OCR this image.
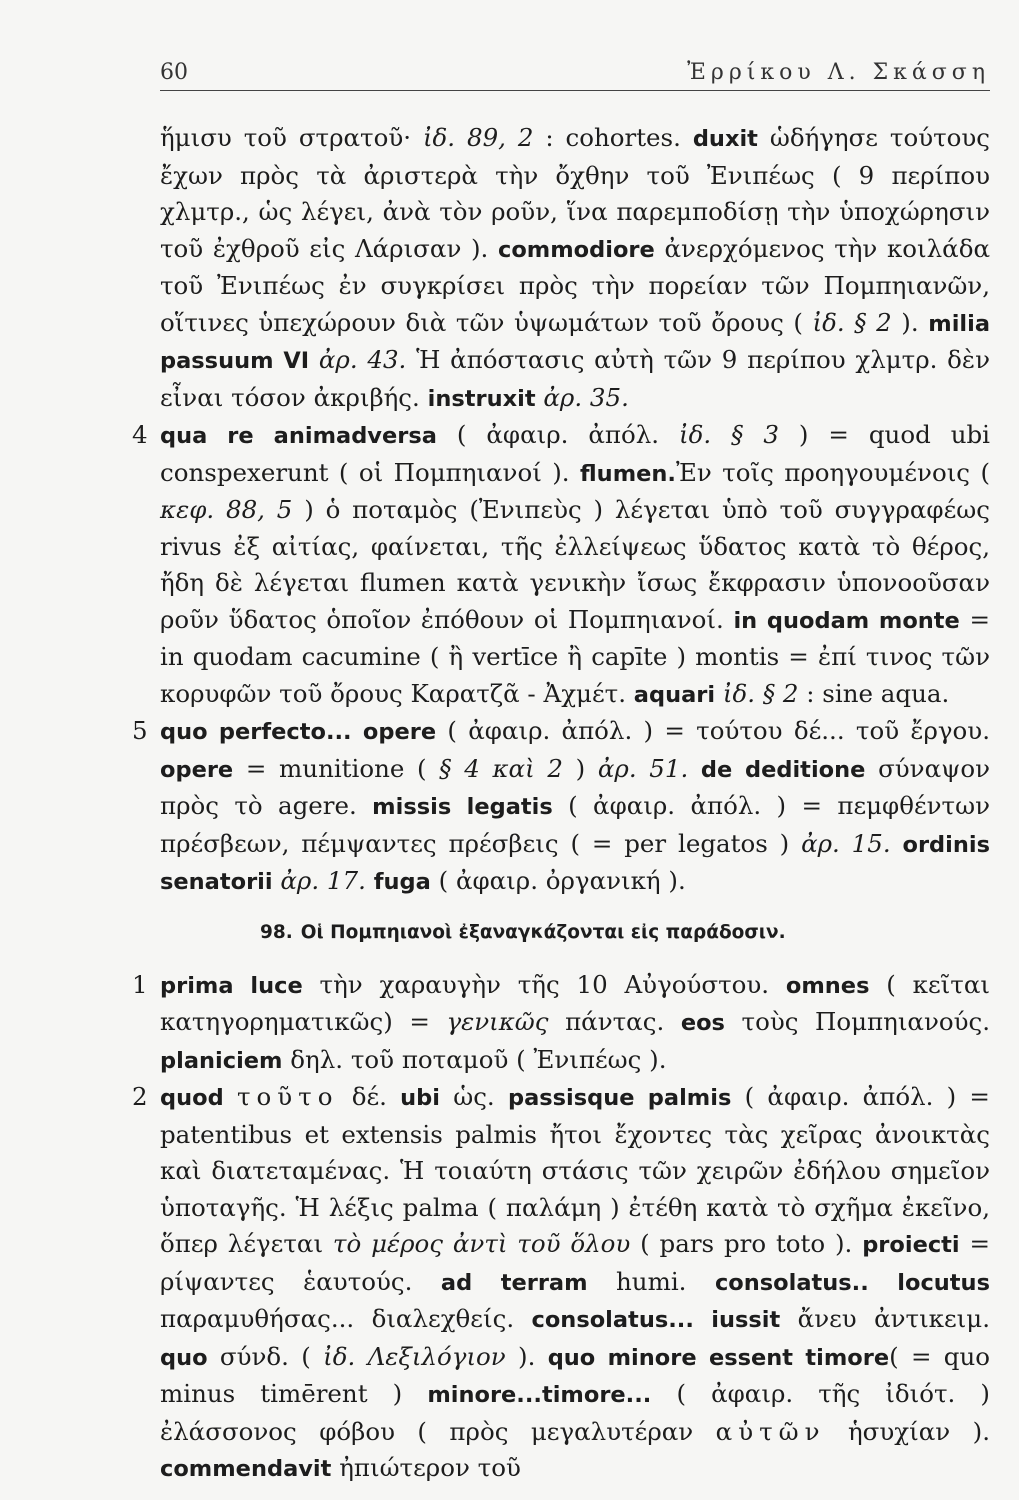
60	Ἐρρίκου Λ. Σκάσση

ἥμισυ τοῦ στρατοῦ· ἰδ. 89, 2 : cohortes. duxit ὡδήγησε τούτους ἔχων πρὸς τὰ ἀριστερὰ τὴν ὄχθην τοῦ Ἐνιπέως ( 9 περίπου χλμτρ., ὡς λέγει, ἀνὰ τὸν ροῦν, ἵνα παρεμποδίσῃ τὴν ὑποχώρησιν τοῦ ἐχθροῦ εἰς Λάρισαν ). commodiore ἀνερχόμενος τὴν κοιλάδα τοῦ Ἐνιπέως ἐν συγκρίσει πρὸς τὴν πορείαν τῶν Πομπηιανῶν, οἵτινες ὑπεχώρουν διὰ τῶν ὑψωμάτων τοῦ ὄρους ( ἰδ. § 2 ). milia passuum VI ἀρ. 43. Ἡ ἀπόστασις αὐτὴ τῶν 9 περίπου χλμτρ. δὲν εἶναι τόσον ἀκριβής. instruxit ἀρ. 35.

4 qua re animadversa ( ἀφαιρ. ἀπόλ. ἰδ. § 3 ) = quod ubi conspexerunt ( οἱ Πομπηιανοί ). flumen.Ἐν τοῖς προηγουμένοις ( κεφ. 88, 5 ) ὁ ποταμὸς (Ἐνιπεὺς ) λέγεται ὑπὸ τοῦ συγγραφέως rivus ἐξ αἰτίας, φαίνεται, τῆς ἐλλείψεως ὕδατος κατὰ τὸ θέρος, ἤδη δὲ λέγεται flumen κατὰ γενικὴν ἴσως ἔκφρασιν ὑπονοοῦσαν ροῦν ὕδατος ὁποῖον ἐπόθουν οἱ Πομπηιανοί. in quodam monte = in quodam cacumine ( ἢ vertīce ἢ capīte ) montis = ἐπί τινος τῶν κορυφῶν τοῦ ὄρους Καρατζᾶ - Ἀχμέτ. aquari ἰδ. § 2 : sine aqua.

5 quo perfecto... opere ( ἀφαιρ. ἀπόλ. ) = τούτου δέ... τοῦ ἔργου. opere = munitione ( § 4 καὶ 2 ) ἀρ. 51. de deditione σύναψον πρὸς τὸ agere. missis legatis ( ἀφαιρ. ἀπόλ. ) = πεμφθέντων πρέσβεων, πέμψαντες πρέσβεις ( = per legatos ) ἀρ. 15. ordinis senatorii ἀρ. 17. fuga ( ἀφαιρ. ὀργανική ).

98. Οἱ Πομπηιανοὶ ἐξαναγκάζονται εἰς παράδοσιν.

1 prima luce τὴν χαραυγὴν τῆς 10 Αὐγούστου. omnes ( κεῖται κατηγορηματικῶς) = γενικῶς πάντας. eos τοὺς Πομπηιανούς. planiciem δηλ. τοῦ ποταμοῦ ( Ἐνιπέως ).

2 quod τοῦτο δέ. ubi ὡς. passisque palmis ( ἀφαιρ. ἀπόλ. ) = patentibus et extensis palmis ἤτοι ἔχοντες τὰς χεῖρας ἀνοικτὰς καὶ διατεταμένας. Ἡ τοιαύτη στάσις τῶν χειρῶν ἐδήλου σημεῖον ὑποταγῆς. Ἡ λέξις palma ( παλάμη ) ἐτέθη κατὰ τὸ σχῆμα ἐκεῖνο, ὅπερ λέγεται τὸ μέρος ἀντὶ τοῦ ὅλου ( pars pro toto ). proiecti = ρίψαντες ἑαυτούς. ad terram humi. consolatus.. locutus παραμυθήσας... διαλεχθείς. consolatus... iussit ἄνευ ἀντικειμ. quo σύνδ. ( ἰδ. Λεξιλόγιον ). quo minore essent timore( = quo minus timērent ) minore...timore... ( ἀφαιρ. τῆς ἰδιότ. ) ἐλάσσονος φόβου ( πρὸς μεγαλυτέραν αὐτῶν ἡσυχίαν ). commendavit ἠπιώτερον τοῦ
